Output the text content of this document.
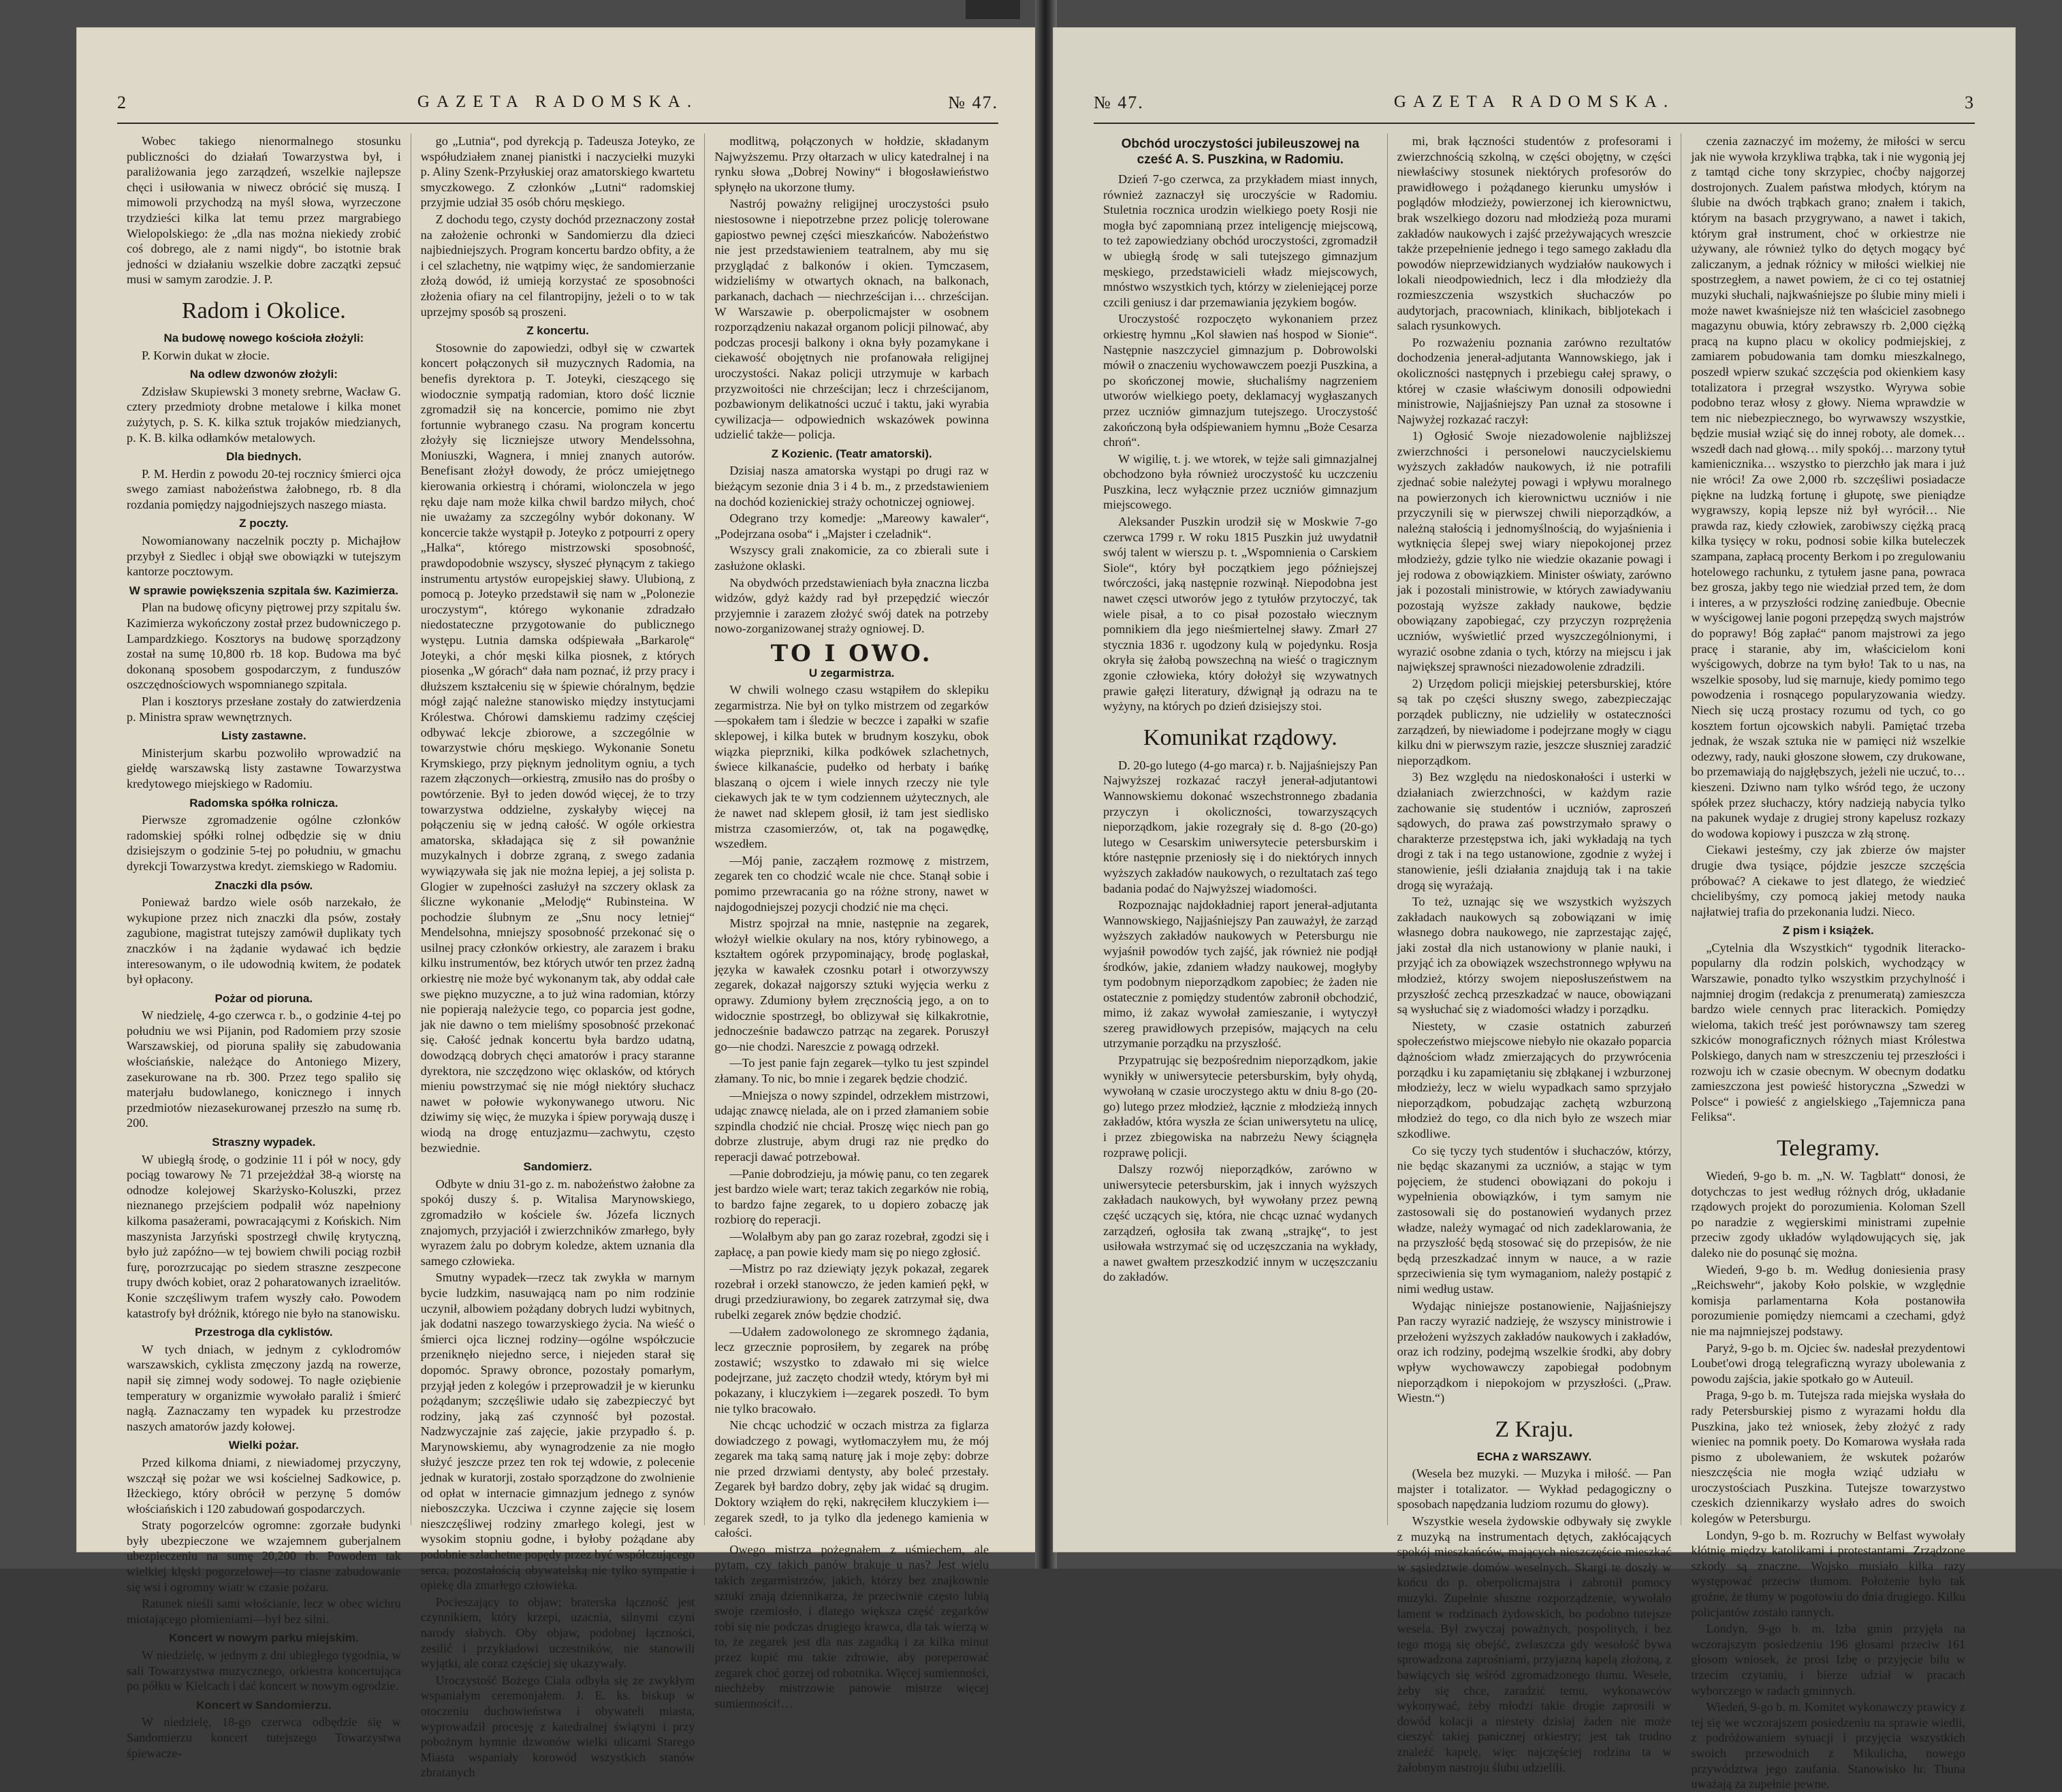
2	GAZETA RADOMSKA.	№ 47.

Wobec takiego nienormalnego stosunku publiczności do działań Towarzystwa był, i paraliżowania jego zarządzeń, wszelkie najlepsze chęci i usiłowania w niwecz obrócić się muszą. I mimowoli przychodzą na myśl słowa, wyrzeczone trzydzieści kilka lat temu przez margrabiego Wielopolskiego: że „dla nas można niekiedy zrobić coś dobrego, ale z nami nigdy“, bo istotnie brak jedności w działaniu wszelkie dobre zaczątki zepsuć musi w samym zarodzie. J. P.

Radom i Okolice.
Na budowę nowego kościoła złożyli:

P. Korwin dukat w złocie.

Na odlew dzwonów złożyli:

Zdzisław Skupiewski 3 monety srebrne, Wacław G. cztery przedmioty drobne metalowe i kilka monet zużytych, p. S. K. kilka sztuk trojaków miedzianych, p. K. B. kilka odłamków metalowych.

Dla biednych.

P. M. Herdin z powodu 20-tej rocznicy śmierci ojca swego zamiast nabożeństwa żałobnego, rb. 8 dla rozdania pomiędzy najgodniejszych naszego miasta.

Z poczty.

Nowomianowany naczelnik poczty p. Michajłow przybył z Siedlec i objął swe obowiązki w tutejszym kantorze pocztowym.

W sprawie powiększenia szpitala św. Kazimierza.

Plan na budowę oficyny piętrowej przy szpitalu św. Kazimierza wykończony został przez budowniczego p. Lampardzkiego. Kosztorys na budowę sporządzony został na sumę 10,800 rb. 18 kop. Budowa ma być dokonaną sposobem gospodarczym, z funduszów oszczędnościowych wspomnianego szpitala.

Plan i kosztorys przesłane zostały do zatwierdzenia p. Ministra spraw wewnętrznych.

Listy zastawne.

Ministerjum skarbu pozwoliło wprowadzić na giełdę warszawską listy zastawne Towarzystwa kredytowego miejskiego w Radomiu.

Radomska spółka rolnicza.

Pierwsze zgromadzenie ogólne członków radomskiej spółki rolnej odbędzie się w dniu dzisiejszym o godzinie 5-tej po południu, w gmachu dyrekcji Towarzystwa kredyt. ziemskiego w Radomiu.

Znaczki dla psów.

Ponieważ bardzo wiele osób narzekało, że wykupione przez nich znaczki dla psów, zostały zagubione, magistrat tutejszy zamówił duplikaty tych znaczków i na żądanie wydawać ich będzie interesowanym, o ile udowodnią kwitem, że podatek był opłacony.

Pożar od pioruna.

W niedzielę, 4-go czerwca r. b., o godzinie 4-tej po południu we wsi Pijanin, pod Radomiem przy szosie Warszawskiej, od pioruna spaliły się zabudowania włościańskie, należące do Antoniego Mizery, zasekurowane na rb. 300. Przez tego spaliło się materjału budowlanego, konicznego i innych przedmiotów niezasekurowanej przeszło na sumę rb. 200.

Straszny wypadek.

W ubiegłą środę, o godzinie 11 i pół w nocy, gdy pociąg towarowy № 71 przejeżdżał 38-ą wiorstę na odnodze kolejowej Skarżysko-Koluszki, przez nieznanego przejściem podpalił wóz napełniony kilkoma pasażerami, powracającymi z Końskich. Nim maszynista Jarzyński spostrzegł chwilę krytyczną, było już zapóźno—w tej bowiem chwili pociąg rozbił furę, porozrzucając po siedem straszne zeszpecone trupy dwóch kobiet, oraz 2 poharatowanych izraelitów. Konie szczęśliwym trafem wyszły cało. Powodem katastrofy był dróżnik, którego nie było na stanowisku.

Przestroga dla cyklistów.

W tych dniach, w jednym z cyklodromów warszawskich, cyklista zmęczony jazdą na rowerze, napił się zimnej wody sodowej. To nagłe oziębienie temperatury w organizmie wywołało paraliż i śmierć nagłą. Zaznaczamy ten wypadek ku przestrodze naszych amatorów jazdy kołowej.

Wielki pożar.

Przed kilkoma dniami, z niewiadomej przyczyny, wszczął się pożar we wsi kościelnej Sadkowice, p. Iłżeckiego, który obrócił w perzynę 5 domów włościańskich i 120 zabudowań gospodarczych.

Straty pogorzelców ogromne: zgorzałe budynki były ubezpieczone we wzajemnem guberjalnem ubezpieczeniu na sumę 20,200 rb. Powodem tak wielkiej klęski pogorzelowej—to ciasne zabudowanie się wsi i ogromny wiatr w czasie pożaru.

Ratunek nieśli sami włościanie, lecz w obec wichru miotającego płomieniami—był bez silni.

Koncert w nowym parku miejskim.

W niedzielę, w jednym z dni ubiegłego tygodnia, w sali Towarzystwa muzycznego, orkiestra koncertująca po półku w Kielcach i dać koncert w nowym ogrodzie.

Koncert w Sandomierzu.

W niedzielę, 18-go czerwca odbędzie się w Sandomierzu koncert tutejszego Towarzystwa śpiewacze-

go „Lutnia“, pod dyrekcją p. Tadeusza Joteyko, ze współudziałem znanej pianistki i naczyciełki muzyki p. Aliny Szenk-Przyłuskiej oraz amatorskiego kwartetu smyczkowego. Z członków „Lutni“ radomskiej przyjmie udział 35 osób chóru męskiego.

Z dochodu tego, czysty dochód przeznaczony został na założenie ochronki w Sandomierzu dla dzieci najbiedniejszych. Program koncertu bardzo obfity, a że i cel szlachetny, nie wątpimy więc, że sandomierzanie złożą dowód, iż umieją korzystać ze sposobności złożenia ofiary na cel filantropijny, jeżeli o to w tak uprzejmy sposób są proszeni.

Z koncertu.

Stosownie do zapowiedzi, odbył się w czwartek koncert połączonych sił muzycznych Radomia, na benefis dyrektora p. T. Joteyki, cieszącego się wiodocznie sympatją radomian, ktoro dość licznie zgromadził się na koncercie, pomimo nie zbyt fortunnie wybranego czasu. Na program koncertu złożyły się liczniejsze utwory Mendelssohna, Moniuszki, Wagnera, i mniej znanych autorów. Benefisant złożył dowody, że prócz umiejętnego kierowania orkiestrą i chórami, wiolonczela w jego ręku daje nam może kilka chwil bardzo miłych, choć nie uważamy za szczególny wybór dokonany. W koncercie także wystąpił p. Joteyko z potpourri z opery „Halka“, którego mistrzowski sposobność, prawdopodobnie wszyscy, słyszeć płynącym z takiego instrumentu artystów europejskiej sławy. Ulubioną, z pomocą p. Joteyko przedstawił się nam w „Polonezie uroczystym“, którego wykonanie zdradzało niedostateczne przygotowanie do publicznego występu. Lutnia damska odśpiewała „Barkarolę“ Joteyki, a chór męski kilka piosnek, z których piosenka „W górach“ dała nam poznać, iż przy pracy i dłuższem kształceniu się w śpiewie chóralnym, będzie mógł zająć należne stanowisko między instytucjami Królestwa. Chórowi damskiemu radzimy częściej odbywać lekcje zbiorowe, a szczególnie w towarzystwie chóru męskiego. Wykonanie Sonetu Krymskiego, przy pięknym jednolitym ogniu, a tych razem złączonych—orkiestrą, zmusiło nas do prośby o powtórzenie. Był to jeden dowód więcej, że to trzy towarzystwa oddzielne, zyskałyby więcej na połączeniu się w jedną całość. W ogóle orkiestra amatorska, składająca się z sił powanżnie muzykalnych i dobrze zgraną, z swego zadania wywiązywała się jak nie można lepiej, a jej solista p. Glogier w zupełności zasłużył na szczery oklask za śliczne wykonanie „Melodję“ Rubinsteina. W pochodzie ślubnym ze „Snu nocy letniej“ Mendelsohna, mniejszy sposobność przekonać się o usilnej pracy członków orkiestry, ale zarazem i braku kilku instrumentów, bez których utwór ten przez żadną orkiestrę nie może być wykonanym tak, aby oddał całe swe piękno muzyczne, a to już wina radomian, którzy nie popierają należycie tego, co poparcia jest godne, jak nie dawno o tem mieliśmy sposobność przekonać się. Całość jednak koncertu była bardzo udatną, dowodzącą dobrych chęci amatorów i pracy staranne dyrektora, nie szczędzono więc oklasków, od których mieniu powstrzymać się nie mógł niektóry słuchacz nawet w połowie wykonywanego utworu. Nic dziwimy się więc, że muzyka i śpiew porywają duszę i wiodą na drogę entuzjazmu—zachwytu, często bezwiednie.

Sandomierz.

Odbyte w dniu 31-go z. m. nabożeństwo żałobne za spokój duszy ś. p. Witalisa Marynowskiego, zgromadziło w kościele św. Józefa licznych znajomych, przyjaciół i zwierzchników zmarłego, były wyrazem żalu po dobrym koledze, aktem uznania dla samego człowieka.

Smutny wypadek—rzecz tak zwykła w marnym bycie ludzkim, nasuwającą nam po nim rodzinie uczynił, albowiem pożądany dobrych ludzi wybitnych, jak dodatni naszego towarzyskiego życia. Na wieść o śmierci ojca licznej rodziny—ogólne współczucie przeniknęło niejedno serce, i niejeden starał się dopomóc. Sprawy obronce, pozostały pomarłym, przyjął jeden z kolegów i przeprowadził je w kierunku pożądanym; szczęśliwie udało się zabezpieczyć byt rodziny, jaką zaś czynność był pozostał. Nadzwyczajnie zaś zajęcie, jakie przypadło ś. p. Marynowskiemu, aby wynagrodzenie za nie mogło służyć jeszcze przez ten rok tej wdowie, z polecenie jednak w kuratorji, zostało sporządzone do zwolnienie od opłat w internacie gimnazjum jednego z synów nieboszczyka. Uczciwa i czynne zajęcie się losem nieszczęśliwej rodziny zmarłego kolegi, jest w wysokim stopniu godne, i byłoby pożądane aby podobnie szlachetne popędy przez być współczującego serca, pozostałością obywatelską nie tylko sympatie i opiekę dla zmarłego człowieka.

Pocieszający to objaw; braterska łączność jest czynnikiem, który krzepi, uzacnia, silnymi czyni narody słabych. Oby objaw, podobnej łączności, zesilić i przykładowi uczestników, nie stanowili wyjątki, ale coraz częściej się ukazywały.

Uroczystość Bożego Ciała odbyła się ze zwykłym wspaniałym ceremonjałem. J. E. ks. biskup w otoczeniu duchowieństwa i obywateli miasta, wyprowadził procesję z katedralnej świątyni i przy pobożnym hymnie dzwonów wielki ulicami Starego Miasta wspaniały korowód wszystkich stanów zbratanych

modlitwą, połączonych w hołdzie, składanym Najwyższemu. Przy ołtarzach w ulicy katedralnej i na rynku słowa „Dobrej Nowiny“ i błogosławieństwo spłynęło na ukorzone tłumy.

Nastrój poważny religijnej uroczystości psuło niestosowne i niepotrzebne przez policję tolerowane gapiostwo pewnej części mieszkańców. Nabożeństwo nie jest przedstawieniem teatralnem, aby mu się przyglądać z balkonów i okien. Tymczasem, widzieliśmy w otwartych oknach, na balkonach, parkanach, dachach — niechrześcijan i… chrześcijan. W Warszawie p. oberpolicmajster w osobnem rozporządzeniu nakazał organom policji pilnować, aby podczas procesji balkony i okna były pozamykane i ciekawość obojętnych nie profanowała religijnej uroczystości. Nakaz policji utrzymuje w karbach przyzwoitości nie chrześcijan; lecz i chrześcijanom, pozbawionym delikatności uczuć i taktu, jaki wyrabia cywilizacja— odpowiednich wskazówek powinna udzielić także— policja.

Z Kozienic. (Teatr amatorski).

Dzisiaj nasza amatorska wystąpi po drugi raz w bieżącym sezonie dnia 3 i 4 b. m., z przedstawieniem na dochód kozienickiej straży ochotniczej ogniowej.

Odegrano trzy komedje: „Mareowy kawaler“, „Podejrzana osoba“ i „Majster i czeladnik“.

Wszyscy grali znakomicie, za co zbierali sute i zasłużone oklaski.

Na obydwóch przedstawieniach była znaczna liczba widzów, gdyż każdy rad był przepędzić wieczór przyjemnie i zarazem złożyć swój datek na potrzeby nowo-zorganizowanej straży ogniowej. D.

TO I OWO.
U zegarmistrza.

W chwili wolnego czasu wstąpiłem do sklepiku zegarmistrza. Nie był on tylko mistrzem od zegarków—spokałem tam i śledzie w beczce i zapałki w szafie sklepowej, i kilka butek w brudnym koszyku, obok wiązka pieprzniki, kilka podkówek szlachetnych, świece kilkanaście, pudełko od herbaty i bańkę blaszaną o ojcem i wiele innych rzeczy nie tyle ciekawych jak te w tym codziennem użytecznych, ale że nawet nad sklepem głosił, iż tam jest siedlisko mistrza czasomierzów, ot, tak na pogawędkę, wszedłem.

—Mój panie, zacząłem rozmowę z mistrzem, zegarek ten co chodzić wcale nie chce. Stanął sobie i pomimo przewracania go na różne strony, nawet w najdogodniejszej pozycji chodzić nie ma chęci.

Mistrz spojrzał na mnie, następnie na zegarek, włożył wielkie okulary na nos, który rybinowego, a kształtem ogórek przypominający, brodę poglaskał, języka w kawałek czosnku potarł i otworzywszy zegarek, dokazał najgorszy sztuki wyjęcia werku z oprawy. Zdumiony byłem zręcznością jego, a on to widocznie spostrzegł, bo oblizywał się kilkakrotnie, jednocześnie badawczo patrząc na zegarek. Poruszył go—nie chodzi. Nareszcie z powagą odrzekł.

—To jest panie fajn zegarek—tylko tu jest szpindel złamany. To nic, bo mnie i zegarek będzie chodzić.

—Mniejsza o nowy szpindel, odrzekłem mistrzowi, udając znawcę nielada, ale on i przed złamaniem sobie szpindla chodzić nie chciał. Proszę więc niech pan go dobrze zlustruje, abym drugi raz nie prędko do reperacji dawać potrzebował.

—Panie dobrodzieju, ja mówię panu, co ten zegarek jest bardzo wiele wart; teraz takich zegarków nie robią, to bardzo fajne zegarek, to u dopiero zobaczę jak rozbiorę do reperacji.

—Wolałbym aby pan go zaraz rozebrał, zgodzi się i zapłacę, a pan powie kiedy mam się po niego zgłosić.

—Mistrz po raz dziewiąty język pokazał, zegarek rozebrał i orzekł stanowczo, że jeden kamień pękł, w drugi przedziurawiony, bo zegarek zatrzymał się, dwa rubelki zegarek znów będzie chodzić.

—Udałem zadowolonego ze skromnego żądania, lecz grzecznie poprosiłem, by zegarek na próbę zostawić; wszystko to zdawało mi się wielce podejrzane, już zaczęto chodził wtedy, którym był mi pokazany, i kluczykiem i—zegarek poszedł. To bym nie tylko bracowało.

Nie chcąc uchodzić w oczach mistrza za figlarza dowiadczego z powagi, wytłomaczyłem mu, że mój zegarek ma taką samą naturę jak i moje zęby: dobrze nie przed drzwiami dentysty, aby boleć przestały. Zegarek był bardzo dobry, zęby jak widać są drugim. Doktory wziąłem do ręki, nakręciłem kluczykiem i—zegarek szedł, to ja tylko dla jedenego kamienia w całości.

Owego mistrza pożegnałem z uśmiechem, ale pytam, czy takich panów brakuje u nas? Jest wielu takich zegarmistrzów, jakich, którzy bez znajkownie sztuki znają dziennikarza, że przeciwnie często lubią swoje rzemiosło, i dlatego większa część zegarków robi się nie podczas drugiego krawca, dla tak wierzą w to, że zegarek jest dla nas zagadką i za kilka minut przez kupić mu takie zdrowie, aby poreperować zegarek choć gorzej od robotnika. Więcej sumienności, niechżeby mistrzowie panowie mistrze więcej sumienności!…

№ 47.	GAZETA RADOMSKA.	3
Obchód uroczystości jubileuszowej na cześć A. S. Puszkina, w Radomiu.

Dzień 7-go czerwca, za przykładem miast innych, również zaznaczył się uroczyście w Radomiu. Stuletnia rocznica urodzin wielkiego poety Rosji nie mogła być zapomnianą przez inteligencję miejscową, to też zapowiedziany obchód uroczystości, zgromadził w ubiegłą środę w sali tutejszego gimnazjum męskiego, przedstawicieli władz miejscowych, mnóstwo wszystkich tych, którzy w zieleniejącej porze czcili geniusz i dar przemawiania językiem bogów.

Uroczystość rozpoczęto wykonaniem przez orkiestrę hymnu „Kol sławien naś hospod w Sionie“. Następnie naszczyciel gimnazjum p. Dobrowolski mówił o znaczeniu wychowawczem poezji Puszkina, a po skończonej mowie, słuchaliśmy nagrzeniem utworów wielkiego poety, deklamacyj wygłaszanych przez uczniów gimnazjum tutejszego. Uroczystość zakończoną była odśpiewaniem hymnu „Boże Cesarza chroń“.

W wigilię, t. j. we wtorek, w tejże sali gimnazjalnej obchodzono była również uroczystość ku uczczeniu Puszkina, lecz wyłącznie przez uczniów gimnazjum miejscowego.

Aleksander Puszkin urodził się w Moskwie 7-go czerwca 1799 r. W roku 1815 Puszkin już uwydatnił swój talent w wierszu p. t. „Wspomnienia o Carskiem Siole“, który był początkiem jego późniejszej twórczości, jaką następnie rozwinął. Niepodobna jest nawet częsci utworów jego z tytułów przytoczyć, tak wiele pisał, a to co pisał pozostało wiecznym pomnikiem dla jego nieśmiertelnej sławy. Zmarł 27 stycznia 1836 r. ugodzony kulą w pojedynku. Rosja okryła się żałobą powszechną na wieść o tragicznym zgonie człowieka, który dołożył się wzywatnych prawie gałęzi literatury, dźwignął ją odrazu na te wyżyny, na których po dzień dzisiejszy stoi.

Komunikat rządowy.

D. 20-go lutego (4-go marca) r. b. Najjaśniejszy Pan Najwyższej rozkazać raczył jenerał-adjutantowi Wannowskiemu dokonać wszechstronnego zbadania przyczyn i okoliczności, towarzyszących nieporządkom, jakie rozegrały się d. 8-go (20-go) lutego w Cesarskim uniwersytecie petersburskim i które następnie przeniosły się i do niektórych innych wyższych zakładów naukowych, o rezultatach zaś tego badania podać do Najwyższej wiadomości.

Rozpoznając najdokładniej raport jenerał-adjutanta Wannowskiego, Najjaśniejszy Pan zauważył, że zarząd wyższych zakładów naukowych w Petersburgu nie wyjaśnił powodów tych zajść, jak również nie podjął środków, jakie, zdaniem władzy naukowej, mogłyby tym podobnym nieporządkom zapobiec; że żaden nie ostatecznie z pomiędzy studentów zabronił obchodzić, mimo, iż zakaz wywołał zamieszanie, i wytyczył szereg prawidłowych przepisów, mających na celu utrzymanie porządku na przyszłość.

Przypatrując się bezpośrednim nieporządkom, jakie wynikły w uniwersytecie petersburskim, były ohydą, wywołaną w czasie uroczystego aktu w dniu 8-go (20-go) lutego przez młodzież, łącznie z młodzieżą innych zakładów, która wyszła ze ścian uniwersytetu na ulicę, i przez zbiegowiska na nabrzeżu Newy ściągnęła rozprawę policji.

Dalszy rozwój nieporządków, zarówno w uniwersytecie petersburskim, jak i innych wyższych zakładach naukowych, był wywołany przez pewną część uczących się, która, nie chcąc uznać wydanych zarządzeń, ogłosiła tak zwaną „strajkę“, to jest usiłowała wstrzymać się od uczęszczania na wykłady, a nawet gwałtem przeszkodzić innym w uczęszczaniu do zakładów.

mi, brak łączności studentów z profesorami i zwierzchnością szkolną, w części obojętny, w części niewłaściwy stosunek niektórych profesorów do prawidłowego i pożądanego kierunku umysłów i poglądów młodzieży, powierzonej ich kierownictwu, brak wszelkiego dozoru nad młodzieżą poza murami zakładów naukowych i zajść przeżywających wreszcie także przepełnienie jednego i tego samego zakładu dla powodów nieprzewidzianych wydziałów naukowych i lokali nieodpowiednich, lecz i dla młodzieży dla rozmieszczenia wszystkich słuchaczów po audytorjach, pracowniach, klinikach, bibljotekach i salach rysunkowych.

Po rozważeniu poznania zarówno rezultatów dochodzenia jenerał-adjutanta Wannowskiego, jak i okoliczności następnych i przebiegu całej sprawy, o której w czasie właściwym donosili odpowiedni ministrowie, Najjaśniejszy Pan uznał za stosowne i Najwyżej rozkazać raczył:

1) Ogłosić Swoje niezadowolenie najbliższej zwierzchności i personelowi nauczycielskiemu wyższych zakładów naukowych, iż nie potrafili zjednać sobie należytej powagi i wpływu moralnego na powierzonych ich kierownictwu uczniów i nie przyczynili się w pierwszej chwili nieporządków, a należną stałością i jednomyślnością, do wyjaśnienia i wytknięcia ślepej swej wiary niepokojonej przez młodzieży, gdzie tylko nie wiedzie okazanie powagi i jej rodowa z obowiązkiem. Minister oświaty, zarówno jak i pozostali ministrowie, w których zawiadywaniu pozostają wyższe zakłady naukowe, będzie obowiązany zapobiegać, czy przyczyn rozprężenia uczniów, wyświetlić przed wyszczególnionymi, i wyrazić osobne zdania o tych, którzy na miejscu i jak największej sprawności niezadowolenie zdradzili.

2) Urzędom policji miejskiej petersburskiej, które są tak po części słuszny swego, zabezpieczając porządek publiczny, nie udzieliły w ostateczności zarządzeń, by niewiadome i podejrzane mogły w ciągu kilku dni w pierwszym razie, jeszcze słuszniej zaradzić nieporządkom.

3) Bez względu na niedoskonałości i usterki w działaniach zwierzchności, w każdym razie zachowanie się studentów i uczniów, zaproszeń sądowych, do prawa zaś powstrzymało sprawy o charakterze przestępstwa ich, jaki wykładają na tych drogi z tak i na tego ustanowione, zgodnie z wyżej i stanowienie, jeśli działania znajdują tak i na takie drogą się wyrażają.

To też, uznając się we wszystkich wyższych zakładach naukowych są zobowiązani w imię własnego dobra naukowego, nie zaprzestając zajęć, jaki został dla nich ustanowiony w planie nauki, i przyjąć ich za obowiązek wszechstronnego wpływu na młodzież, którzy swojem nieposłuszeństwem na przyszłość zechcą przeszkadzać w nauce, obowiązani są wysłuchać się z wiadomości władzy i porządku.

Niestety, w czasie ostatnich zaburzeń społeczeństwo miejscowe niebyło nie okazało poparcia dążnościom władz zmierzających do przywrócenia porządku i ku zapamiętaniu się zbłąkanej i wzburzonej młodzieży, lecz w wielu wypadkach samo sprzyjało nieporządkom, pobudzając zachętą wzburzoną młodzież do tego, co dla nich było ze wszech miar szkodliwe.

Co się tyczy tych studentów i słuchaczów, którzy, nie będąc skazanymi za uczniów, a stając w tym pojęciem, że studenci obowiązani do pokoju i wypełnienia obowiązków, i tym samym nie zastosowali się do postanowień wydanych przez władze, należy wymagać od nich zadeklarowania, że na przyszłość będą stosować się do przepisów, że nie będą przeszkadzać innym w nauce, a w razie sprzeciwienia się tym wymaganiom, należy postąpić z nimi według ustaw.

Wydając niniejsze postanowienie, Najjaśniejszy Pan raczy wyrazić nadzieję, że wszyscy ministrowie i przełożeni wyższych zakładów naukowych i zakładów, oraz ich rodziny, podejmą wszelkie środki, aby dobry wpływ wychowawczy zapobiegał podobnym nieporządkom i niepokojom w przyszłości. („Praw. Wiestn.“)

Z Kraju.
ECHA z WARSZAWY.

(Wesela bez muzyki. — Muzyka i miłość. — Pan majster i totalizator. — Wykład pedagogiczny o sposobach napędzania ludziom rozumu do głowy).

Wszystkie wesela żydowskie odbywały się zwykle z muzyką na instrumentach dętych, zakłócających spokój mieszkańców, mających nieszczęście mieszkać w sąsiedztwie domów weselnych. Skargi te doszły w końcu do p. oberpolicmajstra i zabronił pomocy muzyki. Zupełnie słuszne rozporządzenie, wywołało lament w rodzinach żydowskich, bo podobno tutejsze wesela. Był zwyczaj poważnych, pospolitych, i bez tego mogą się obejść, zwłaszcza gdy wesołość bywa sprowadzona zaprośniami, przyjazną kapelą złożoną, z bawiących się wśród zgromadzonego tłumu. Wesele, żeby się chce, zaradzić temu, wykonawców wykonywać, żeby młodzi takie drogie zaprosili w dowód kolacji a niestety dzisiaj żaden nie może cieszyć takiej panicznej orkiestry; jest tak trudno znaleźć kapelę, więc najczęściej rodzina ta w żałobnym nastroju ślubu udzielili.

czenia zaznaczyć im możemy, że miłości w sercu jak nie wywoła krzykliwa trąbka, tak i nie wygonią jej z tamtąd ciche tony skrzypiec, choćby najgorzej dostrojonych. Zualem państwa młodych, którym na ślubie na dwóch trąbkach grano; znałem i takich, którym na basach przygrywano, a nawet i takich, którym grał instrument, choć w orkiestrze nie używany, ale również tylko do dętych mogący być zaliczanym, a jednak różnicy w miłości wielkiej nie spostrzegłem, a nawet powiem, że ci co tej ostatniej muzyki słuchali, najkwaśniejsze po ślubie miny mieli i może nawet kwaśniejsze niż ten właściciel zasobnego magazynu obuwia, który zebrawszy rb. 2,000 ciężką pracą na kupno placu w okolicy podmiejskiej, z zamiarem pobudowania tam domku mieszkalnego, poszedł wpierw szukać szczęścia pod okienkiem kasy totalizatora i przegrał wszystko. Wyrywa sobie podobno teraz włosy z głowy. Niema wprawdzie w tem nic niebezpiecznego, bo wyrwawszy wszystkie, będzie musiał wziąć się do innej roboty, ale domek… wszedł dach nad głową… mily spokój… marzony tytuł kamienicznika… wszystko to pierzchło jak mara i już nie wróci! Za owe 2,000 rb. szczęśliwi posiadacze piękne na ludzką fortunę i głupotę, swe pieniądze wygrawszy, kopią lepsze niż był wyrócił… Nie prawda raz, kiedy człowiek, zarobiwszy ciężką pracą kilka tysięcy w roku, podnosi sobie kilka buteleczek szampana, zapłacą procenty Berkom i po zregulowaniu hotelowego rachunku, z tytułem jasne pana, powraca bez grosza, jakby tego nie wiedział przed tem, że dom i interes, a w przyszłości rodzinę zaniedbuje. Obecnie w wyścigowej lanie pogoni przepędzą swych majstrów do poprawy! Bóg zapłać“ panom majstrowi za jego pracę i staranie, aby im, właścicielom koni wyścigowych, dobrze na tym było! Tak to u nas, na wszelkie sposoby, lud się marnuje, kiedy pomimo tego powodzenia i rosnącego popularyzowania wiedzy. Niech się uczą prostacy rozumu od tych, co go kosztem fortun ojcowskich nabyli. Pamiętać trzeba jednak, że wszak sztuka nie w pamięci niż wszelkie odezwy, rady, nauki głoszone słowem, czy drukowane, bo przemawiają do najgłębszych, jeżeli nie uczuć, to… kieszeni. Dziwno nam tylko wśród tego, że uczony spółek przez słuchaczy, który nadzieją nabycia tylko na pakunek wydaje z drugiej strony kapelusz rozkazy do wodowa kopiowy i puszcza w złą stronę.

Ciekawi jesteśmy, czy jak zbierze ów majster drugie dwa tysiące, pójdzie jeszcze szczęścia próbować? A ciekawe to jest dlatego, że wiedzieć chcielibyśmy, czy pomocą jakiej metody nauka najłatwiej trafia do przekonania ludzi. Nieco.

Z pism i książek.

„Cytelnia dla Wszystkich“ tygodnik literacko-popularny dla rodzin polskich, wychodzący w Warszawie, ponadto tylko wszystkim przychylność i najmniej drogim (redakcja z prenumeratą) zamieszcza bardzo wiele cennych prac literackich. Pomiędzy wieloma, takich treść jest porównawszy tam szereg szkiców monograficznych różnych miast Królestwa Polskiego, danych nam w streszczeniu tej przeszłości i rozwoju ich w czasie obecnym. W obecnym dodatku zamieszczona jest powieść historyczna „Szwedzi w Polsce“ i powieść z angielskiego „Tajemnicza pana Feliksa“.

Telegramy.

Wiedeń, 9-go b. m. „N. W. Tagblatt“ donosi, że dotychczas to jest według różnych dróg, układanie rządowych projekt do porozumienia. Koloman Szell po naradzie z węgierskimi ministrami zupełnie przeciw zgody układów wylądowujących się, jak daleko nie do posunąć się można.

Wiedeń, 9-go b. m. Według doniesienia prasy „Reichswehr“, jakoby Koło polskie, w względnie komisja parlamentarna Koła postanowiła porozumienie pomiędzy niemcami a czechami, gdyż nie ma najmniejszej podstawy.

Paryż, 9-go b. m. Ojciec św. nadesłał prezydentowi Loubet'owi drogą telegraficzną wyrazy ubolewania z powodu zajścia, jakie spotkało go w Auteuil.

Praga, 9-go b. m. Tutejsza rada miejska wysłała do rady Petersburskiej pismo z wyrazami hołdu dla Puszkina, jako też wniosek, żeby złożyć z rady wieniec na pomnik poety. Do Komarowa wysłała rada pismo z ubolewaniem, że wskutek pożarów nieszczęścia nie mogła wziąć udziału w uroczystościach Puszkina. Tutejsze towarzystwo czeskich dziennikarzy wysłało adres do swoich kolegów w Petersburgu.

Londyn, 9-go b. m. Rozruchy w Belfast wywołały kłótnię między katolikami i protestantami. Zrządzone szkody są znaczne. Wojsko musiało kilka razy występować przeciw tłumom. Położenie było tak groźne, że tłumy w pogotowiu do dnia drugiego. Kilku policjantów zostało rannych.

Londyn, 9-go b. m. Izba gmin przyjęła na wczorajszym posiedzeniu 196 głosami przeciw 161 głosom wniosek, że prosi Izbę o przyjęcie bilu w trzecim czytaniu, i bierze udział w pracach wyborczego w radach gminnych.

Wiedeń, 9-go b. m. Komitet wykonawczy prawicy z tej się we wczorajszem posiedzeniu na sprawie wiedli, z podróżowaniem sytuacji i przyjęcia wszystkich swoich przewodnich z Mikulicha, nowego przywództwa jego zaufania. Stanowisko hr. Thuna uważają za zupełnie pewne.
